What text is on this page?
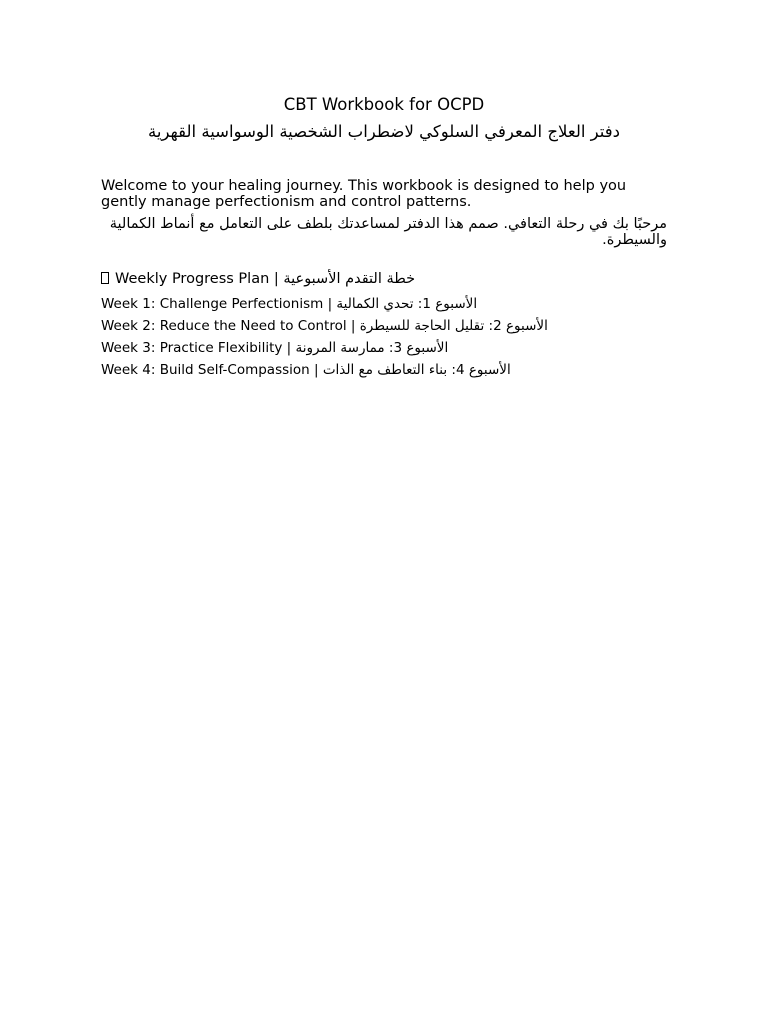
CBT Workbook for OCPD
دفتر العلاج المعرفي السلوكي لاضطراب الشخصية الوسواسية القهرية
Welcome to your healing journey. This workbook is designed to help you gently manage perfectionism and control patterns.
مرحبًا بك في رحلة التعافي. صمم هذا الدفتر لمساعدتك بلطف على التعامل مع أنماط الكمالية والسيطرة.
Weekly Progress Plan | خطة التقدم الأسبوعية
Week 1: Challenge Perfectionism | الأسبوع 1: تحدي الكمالية
Week 2: Reduce the Need to Control | الأسبوع 2: تقليل الحاجة للسيطرة
Week 3: Practice Flexibility | الأسبوع 3: ممارسة المرونة
Week 4: Build Self-Compassion | الأسبوع 4: بناء التعاطف مع الذات
